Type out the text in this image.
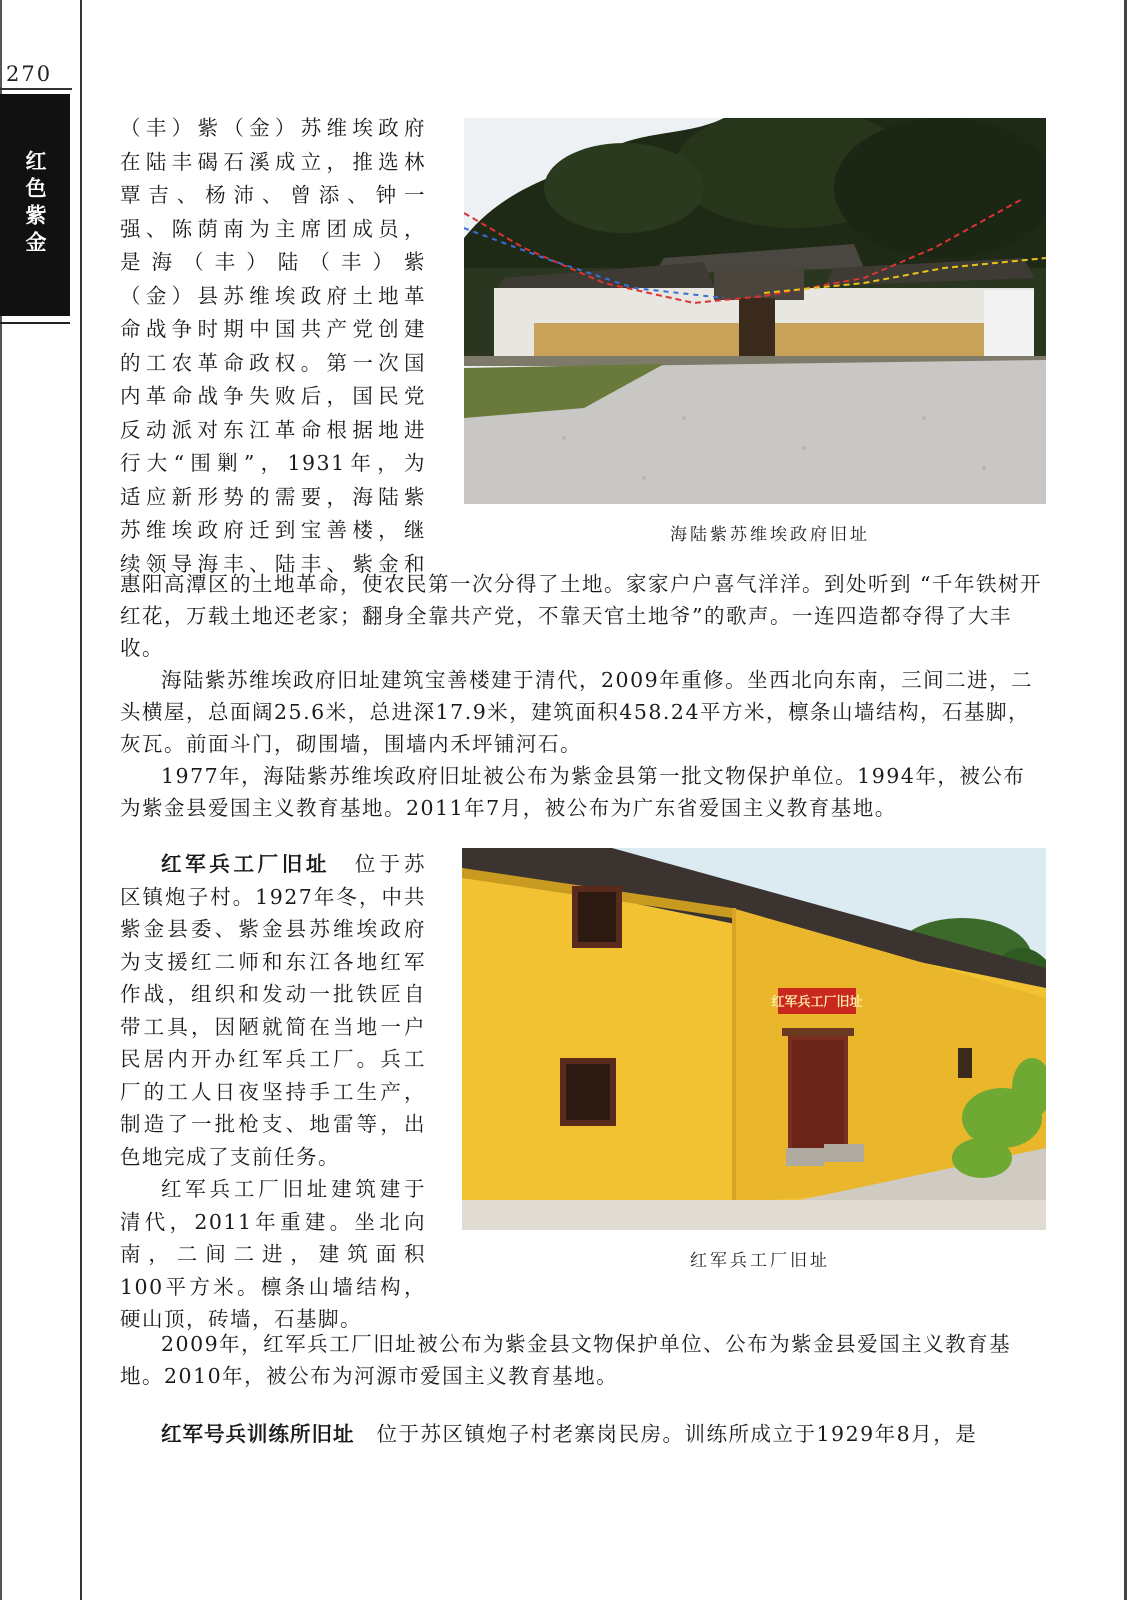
270
红色紫金

（丰）紫（金）苏维埃政府

在陆丰碣石溪成立，推选林

覃吉、杨沛、曾添、钟一

强、陈荫南为主席团成员，

是海（丰）陆（丰）紫

（金）县苏维埃政府土地革

命战争时期中国共产党创建

的工农革命政权。第一次国

内革命战争失败后，国民党

反动派对东江革命根据地进

行大“围剿”，1931年，为

适应新形势的需要，海陆紫

苏维埃政府迁到宝善楼，继

续领导海丰、陆丰、紫金和

海陆紫苏维埃政府旧址

惠阳高潭区的土地革命，使农民第一次分得了土地。家家户户喜气洋洋。到处听到 “千年铁树开红花，万载土地还老家；翻身全靠共产党，不靠天官土地爷”的歌声。一连四造都夺得了大丰收。

海陆紫苏维埃政府旧址建筑宝善楼建于清代，2009年重修。坐西北向东南，三间二进，二头横屋，总面阔25.6米，总进深17.9米，建筑面积458.24平方米，檩条山墙结构，石基脚，灰瓦。前面斗门，砌围墙，围墙内禾坪铺河石。

1977年，海陆紫苏维埃政府旧址被公布为紫金县第一批文物保护单位。1994年，被公布为紫金县爱国主义教育基地。2011年7月，被公布为广东省爱国主义教育基地。

红军兵工厂旧址　 位于苏

区镇炮子村。1927年冬，中共

紫金县委、紫金县苏维埃政府

为支援红二师和东江各地红军

作战，组织和发动一批铁匠自

带工具，因陋就简在当地一户

民居内开办红军兵工厂。兵工

厂的工人日夜坚持手工生产，

制造了一批枪支、地雷等，出

色地完成了支前任务。

红军兵工厂旧址建筑建于

清代，2011年重建。坐北向

南，二间二进，建筑面积

100平方米。檩条山墙结构，

硬山顶，砖墙，石基脚。

红军兵工厂旧址
红军兵工厂旧址

2009年，红军兵工厂旧址被公布为紫金县文物保护单位、公布为紫金县爱国主义教育基地。2010年，被公布为河源市爱国主义教育基地。

红军号兵训练所旧址　 位于苏区镇炮子村老寨岗民房。训练所成立于1929年8月，是
